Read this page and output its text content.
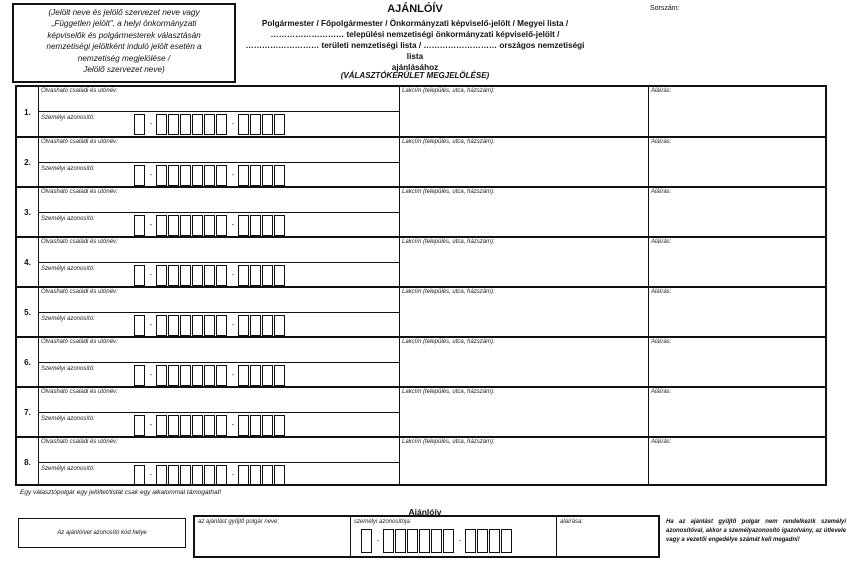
(Jelölt neve és jelölő szervezet neve vagy
„Független jelölt”, a helyi önkormányzati
képviselők és polgármesterek választásán
nemzetiségi jelöltként induló jelölt esetén a
nemzetiség megjelölése /
Jelölő szervezet neve)
AJÁNLÓÍV
Polgármester / Főpolgármester / Önkormányzati képviselő-jelölt / Megyei lista /
……………………… települési nemzetiségi önkormányzati képviselő-jelölt /
……………………… területi nemzetiségi lista / ……………………… országos nemzetiségi lista
ajánlásához
(VÁLASZTÓKERÜLET MEGJELÖLÉSE)
Sorszám:
1.
Olvasható családi és utónév:
Személyi azonosító:
-	-
Lakcím (település, utca, házszám):	Aláírás:
2.
Olvasható családi és utónév:
Személyi azonosító:
-	-
Lakcím (település, utca, házszám):	Aláírás:
3.
Olvasható családi és utónév:
Személyi azonosító:
-	-
Lakcím (település, utca, házszám):	Aláírás:
4.
Olvasható családi és utónév:
Személyi azonosító:
-	-
Lakcím (település, utca, házszám):	Aláírás:
5.
Olvasható családi és utónév:
Személyi azonosító:
-	-
Lakcím (település, utca, házszám):	Aláírás:
6.
Olvasható családi és utónév:
Személyi azonosító:
-	-
Lakcím (település, utca, házszám):	Aláírás:
7.
Olvasható családi és utónév:
Személyi azonosító:
-	-
Lakcím (település, utca, házszám):	Aláírás:
8.
Olvasható családi és utónév:
Személyi azonosító:
-	-
Lakcím (település, utca, házszám):	Aláírás:
Egy választópolgár egy jelöltet/listát csak egy alkalommal támogathat!
Ajánlóív
Az ajánlóívet azonosító kód helye
az ajánlást gyűjtő polgár neve:	személyi azonosítója:
-	-
aláírása:	Ha az ajánlást gyűjtő polgár nem rendelkezik személyi azonosítóval, akkor a személyazonosító igazolvány, az útlevele vagy a vezetői engedélye számát kell megadni!
